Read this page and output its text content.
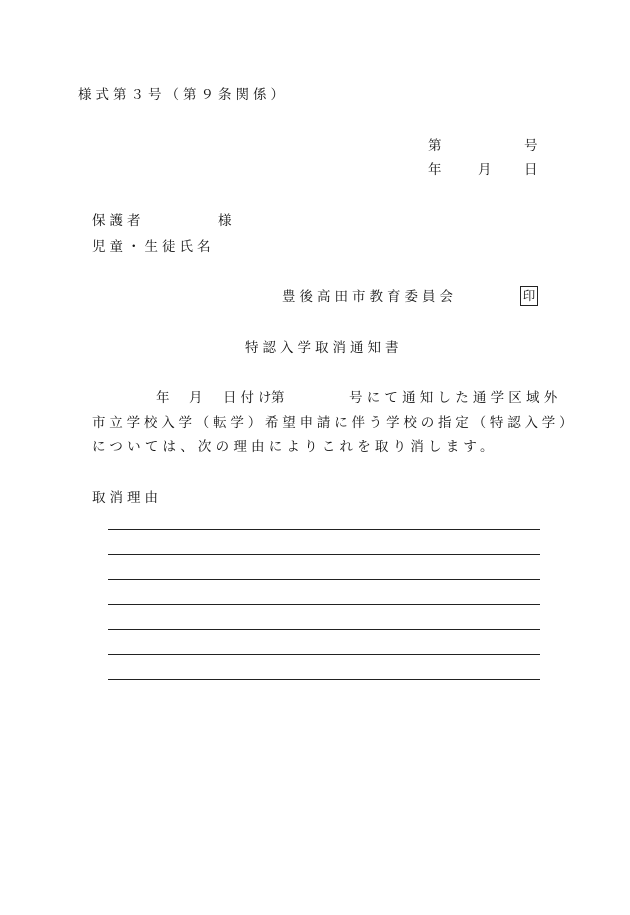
様式第３号（第９条関係）
第	号
年 月 日
保護者	様
児童・生徒氏名
豊後高田市教育委員会	印
特認入学取消通知書
年 月 日付け
第	号にて通知した通学区域外
市立学校入学（転学）希望申請に伴う学校の指定（特認入学）
については、次の理由によりこれを取り消します。
取消理由
